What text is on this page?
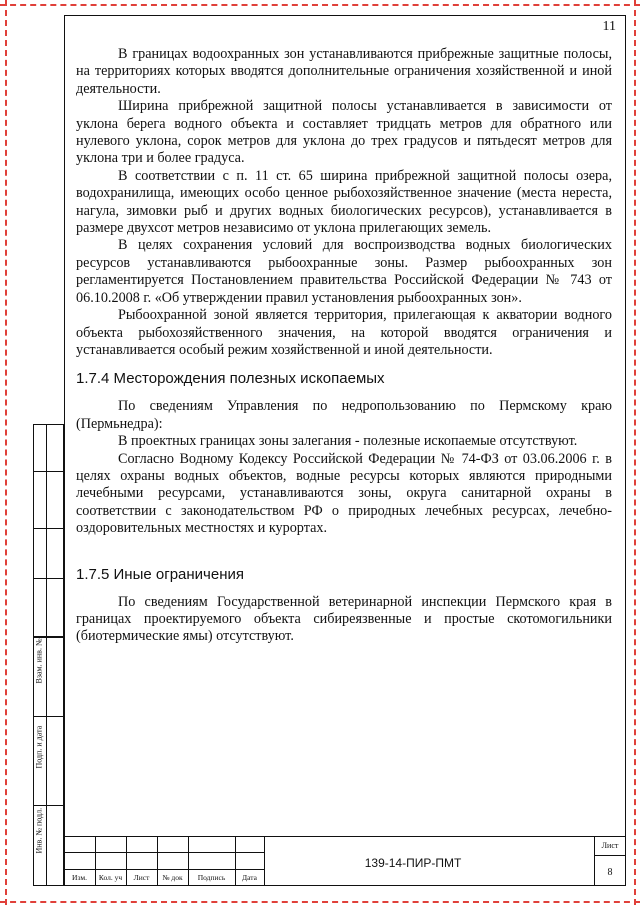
11

В границах водоохранных зон устанавливаются прибрежные защитные полосы, на территориях которых вводятся дополнительные ограничения хозяйственной и иной деятельности.

Ширина прибрежной защитной полосы устанавливается в зависимости от уклона берега водного объекта и составляет тридцать метров для обратного или нулевого уклона, сорок метров для уклона до трех градусов и пятьдесят метров для уклона три и более градуса.

В соответствии с п. 11 ст. 65 ширина прибрежной защитной полосы озера, водохранилища, имеющих особо ценное рыбохозяйственное значение (места нереста, нагула, зимовки рыб и других водных биологических ресурсов), устанавливается в размере двухсот метров независимо от уклона прилегающих земель.

В целях сохранения условий для воспроизводства водных биологических ресурсов устанавливаются рыбоохранные зоны. Размер рыбоохранных зон регламентируется Постановлением правительства Российской Федерации № 743 от 06.10.2008 г. «Об утверждении правил установления рыбоохранных зон».

Рыбоохранной зоной является территория, прилегающая к акватории водного объекта рыбохозяйственного значения, на которой вводятся ограничения и устанавливается особый режим хозяйственной и иной деятельности.

1.7.4 Месторождения полезных ископаемых

По сведениям Управления по недропользованию по Пермскому краю (Пермьнедра):

В проектных границах зоны залегания - полезные ископаемые отсутствуют.

Согласно Водному Кодексу Российской Федерации № 74-ФЗ от 03.06.2006 г. в целях охраны водных объектов, водные ресурсы которых являются природными лечебными ресурсами, устанавливаются зоны, округа санитарной охраны в соответствии с законодательством РФ о природных лечебных ресурсах, лечебно-оздоровительных местностях и курортах.

1.7.5 Иные ограничения

По сведениям Государственной ветеринарной инспекции Пермского края в границах проектируемого объекта сибиреязвенные и простые скотомогильники (биотермические ямы) отсутствуют.

Взам. инв. №
Подп. и дата
Инв. № подл.
Изм.	Кол. уч	Лист	№ док	Подпись	Дата
139-14-ПИР-ПМТ
Лист
8
